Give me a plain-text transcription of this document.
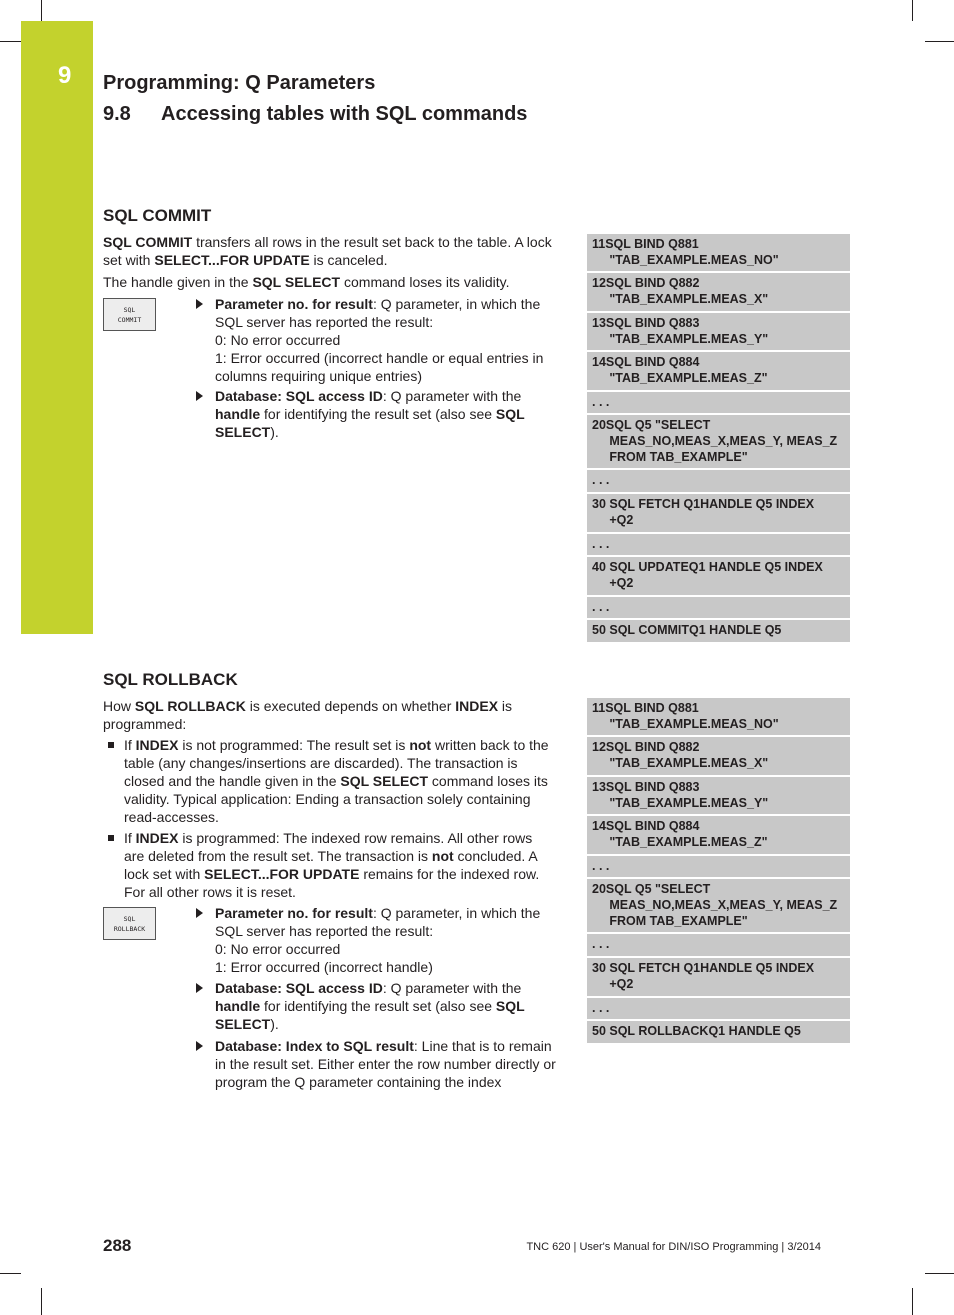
9 Programming: Q Parameters
9.8 Accessing tables with SQL commands
SQL COMMIT
SQL COMMIT transfers all rows in the result set back to the table. A lock set with SELECT...FOR UPDATE is canceled.
The handle given in the SQL SELECT command loses its validity.
SQL
COMMIT
Parameter no. for result: Q parameter, in which the SQL server has reported the result:
0: No error occurred
1: Error occurred (incorrect handle or equal entries in columns requiring unique entries)
Database: SQL access ID: Q parameter with the handle for identifying the result set (also see SQL SELECT).
11SQL BIND Q881
"TAB_EXAMPLE.MEAS_NO"
12SQL BIND Q882
"TAB_EXAMPLE.MEAS_X"
13SQL BIND Q883
"TAB_EXAMPLE.MEAS_Y"
14SQL BIND Q884
"TAB_EXAMPLE.MEAS_Z"
. . .
20SQL Q5 "SELECT
MEAS_NO,MEAS_X,MEAS_Y, MEAS_Z
FROM TAB_EXAMPLE"
. . .
30 SQL FETCH Q1HANDLE Q5 INDEX
+Q2
. . .
40 SQL UPDATEQ1 HANDLE Q5 INDEX
+Q2
. . .
50 SQL COMMITQ1 HANDLE Q5
SQL ROLLBACK
How SQL ROLLBACK is executed depends on whether INDEX is programmed:
If INDEX is not programmed: The result set is not written back to the table (any changes/insertions are discarded). The transaction is closed and the handle given in the SQL SELECT command loses its validity. Typical application: Ending a transaction solely containing read-accesses.
If INDEX is programmed: The indexed row remains. All other rows are deleted from the result set. The transaction is not concluded. A lock set with SELECT...FOR UPDATE remains for the indexed row. For all other rows it is reset.
SQL
ROLLBACK
Parameter no. for result: Q parameter, in which the SQL server has reported the result:
0: No error occurred
1: Error occurred (incorrect handle)
Database: SQL access ID: Q parameter with the handle for identifying the result set (also see SQL SELECT).
Database: Index to SQL result: Line that is to remain in the result set. Either enter the row number directly or program the Q parameter containing the index
11SQL BIND Q881
"TAB_EXAMPLE.MEAS_NO"
12SQL BIND Q882
"TAB_EXAMPLE.MEAS_X"
13SQL BIND Q883
"TAB_EXAMPLE.MEAS_Y"
14SQL BIND Q884
"TAB_EXAMPLE.MEAS_Z"
. . .
20SQL Q5 "SELECT
MEAS_NO,MEAS_X,MEAS_Y, MEAS_Z
FROM TAB_EXAMPLE"
. . .
30 SQL FETCH Q1HANDLE Q5 INDEX
+Q2
. . .
50 SQL ROLLBACKQ1 HANDLE Q5
288	TNC 620 | User's Manual for DIN/ISO Programming | 3/2014
